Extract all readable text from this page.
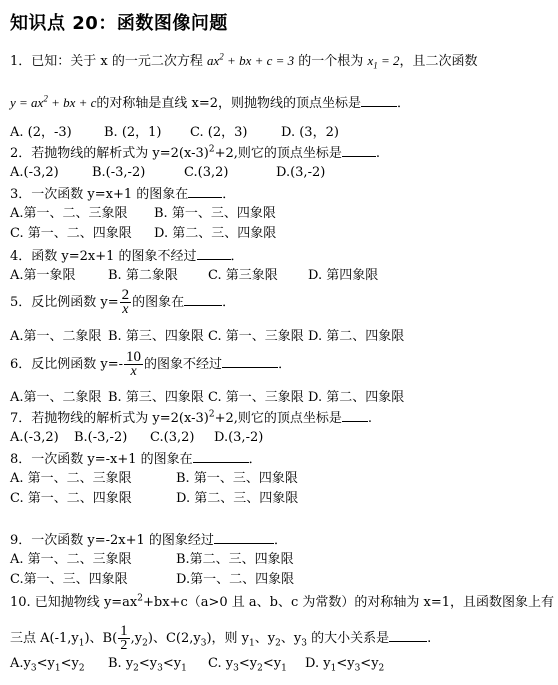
知识点 20：函数图像问题
1．已知：关于 x 的一元二次方程 $ax^2$ + bx + c = 3 的一个根为 $x_1 = 2$，且二次函数
$y = ax^2$ + bx + c的对称轴是直线 x=2，则抛物线的顶点坐标是	．
A. (2，-3) B. (2，1) C. (2，3)	D. (3，2)
2．若抛物线的解析式为 $y=2(x-3)^2+2$,则它的顶点坐标是	.
A.(-3,2)	B.(-3,-2)	C.(3,2)	D.(3,-2)
3．一次函数 y=x+1 的图象在	．
A.第一、二、三象限 B. 第一、三、四象限
C. 第一、二、四象限 D. 第二、三、四象限
4．函数 y=2x+1 的图象不经过	．
A.第一象限 B. 第二象限 C. 第三象限 D. 第四象限
5．反比例函数 $y= \frac{2}{x}$ 的图象在	．
A.第一、二象限 B. 第三、四象限 C. 第一、三象限 D. 第二、四象限
6．反比例函数 $y=- \frac{10}{x}$ 的图象不经过	．
A.第一、二象限 B. 第三、四象限 C. 第一、三象限 D. 第二、四象限
7．若抛物线的解析式为 $y=2(x-3)^2+2$,则它的顶点坐标是 .
A.(-3,2) B.(-3,-2) C.(3,2) D.(3,-2)
8．一次函数 y=-x+1 的图象在	．
A. 第一、二、三象限	B. 第一、三、四象限
C. 第一、二、四象限	D. 第二、三、四象限
9．一次函数 y=-2x+1 的图象经过	．
A. 第一、二、三象限	B.第二、三、四象限
C.第一、三、四象限	D.第一、二、四象限
10. 已知抛物线 $y=ax^2+bx+c(a>0$ 且 a、b、c 为常数）的对称轴为 x=1，且函数图象上有
三点 $A(-1,y_1)$、$B( \frac{1}{2} ,y_2)$、$C(2,y_3)$，则 $y_1$、$y_2$、$y_3$ 的大小关系是	.
$A.y_3<y_1<y_2$ B. $y_2<y_3<y_1$ C. $y_3<y_2<y_1$ D. $y_1<y_3<y_2$
